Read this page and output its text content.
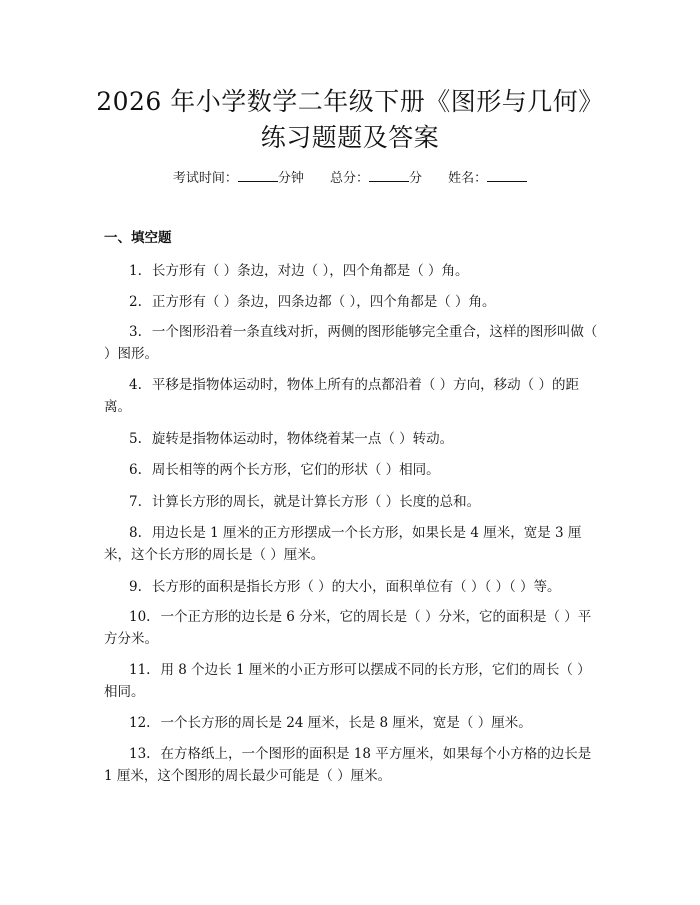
2026 年小学数学二年级下册《图形与几何》
练习题题及答案
考试时间：	分钟 总分：	分 姓名：
一、填空题
1. 长方形有（ ）条边，对边（ ），四个角都是（ ）角。
2. 正方形有（ ）条边，四条边都（ ），四个角都是（ ）角。
3. 一个图形沿着一条直线对折，两侧的图形能够完全重合，这样的图形叫做（ ）图形。
4. 平移是指物体运动时，物体上所有的点都沿着（ ）方向，移动（ ）的距离。
5. 旋转是指物体运动时，物体绕着某一点（ ）转动。
6. 周长相等的两个长方形，它们的形状（ ）相同。
7. 计算长方形的周长，就是计算长方形（ ）长度的总和。
8. 用边长是 1 厘米的正方形摆成一个长方形，如果长是 4 厘米，宽是 3 厘米，这个长方形的周长是（ ）厘米。
9. 长方形的面积是指长方形（ ）的大小，面积单位有（ ）（ ）（ ）等。
10. 一个正方形的边长是 6 分米，它的周长是（ ）分米，它的面积是（ ）平方分米。
11. 用 8 个边长 1 厘米的小正方形可以摆成不同的长方形，它们的周长（ ）相同。
12. 一个长方形的周长是 24 厘米，长是 8 厘米，宽是（ ）厘米。
13. 在方格纸上，一个图形的面积是 18 平方厘米，如果每个小方格的边长是 1 厘米，这个图形的周长最少可能是（ ）厘米。
